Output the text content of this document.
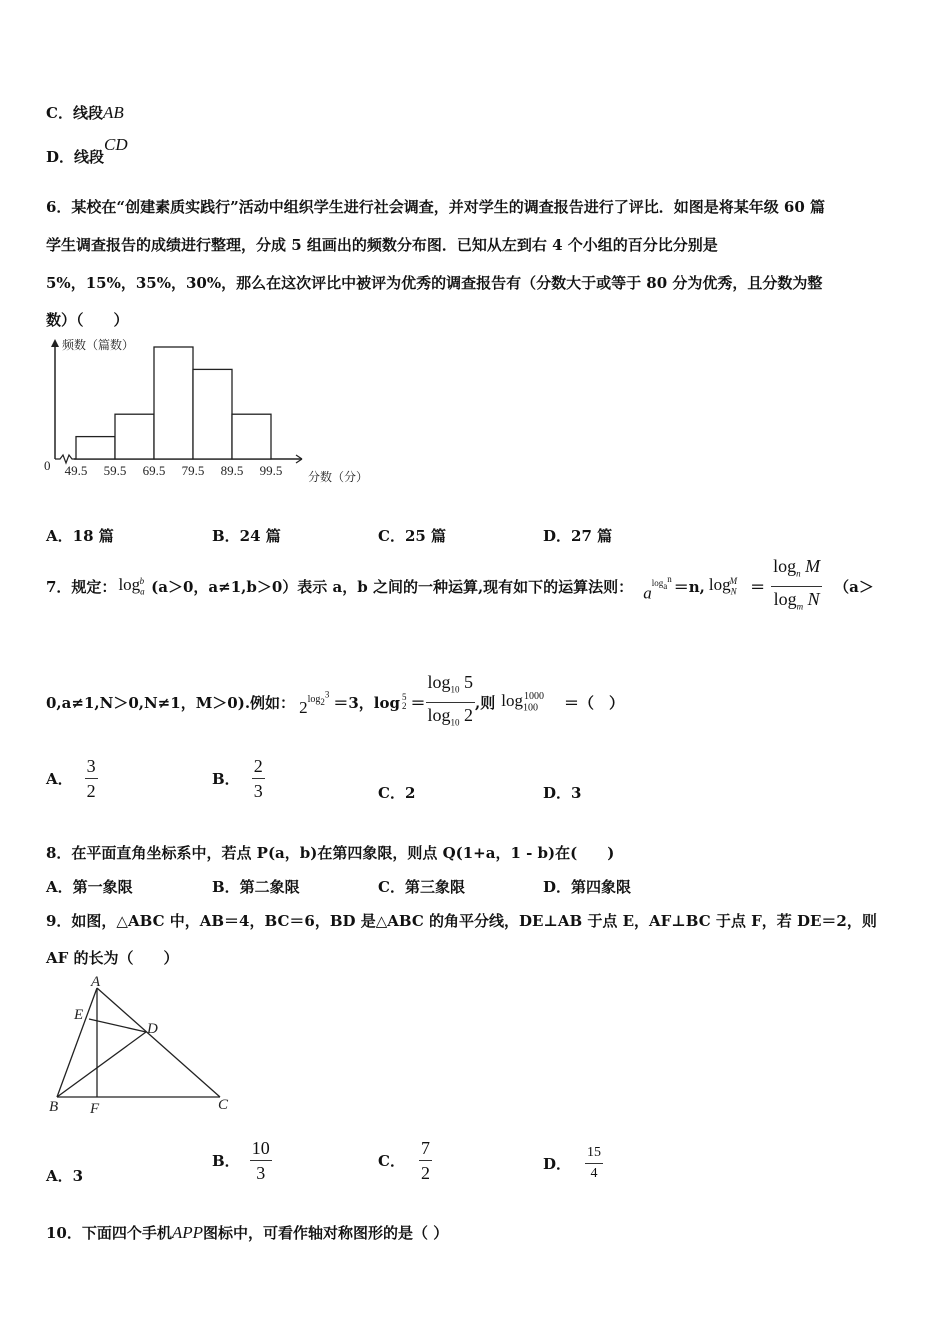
C．线段AB
D．线段CD
6．某校在“创建素质实践行”活动中组织学生进行社会调查，并对学生的调查报告进行了评比．如图是将某年级 60 篇
学生调查报告的成绩进行整理，分成 5 组画出的频数分布图．已知从左到右 4 个小组的百分比分别是
5%，15%，35%，30%，那么在这次评比中被评为优秀的调查报告有（分数大于或等于 80 分为优秀，且分数为整
数）（　　）
频数（篇数）
分数（分）
0 49.5 59.5 69.5 79.5 89.5 99.5
A．18 篇	B．24 篇	C．25 篇	D．27 篇
7．规定： $\log_a^b (a>0$，a≠1,b＞0）表示 a，b 之间的一种运算,现有如下的运算法则： $a^{log_a^n} =n$, $\log_N^M = \frac{\log_n M}{\log_m N} (a>$
0,a≠1,N＞0,N≠1，M＞0).例如： $2^{log_2^3} =3$，log 5
$2 = \frac{\log_{10} 5}{\log_{10} 2}$ ,则 $\log_{100}^{1000}$	＝（　）
A． $\frac{3}{2}$	B． $\frac{2}{3}$	C．2	D．3
8．在平面直角坐标系中，若点 P(a，b)在第四象限，则点 Q(1+a，1 - b)在(　　)
A．第一象限	B．第二象限	C．第三象限	D．第四象限
9．如图，△ABC 中，AB＝4，BC＝6，BD 是△ABC 的角平分线，DE⊥AB 于点 E，AF⊥BC 于点 F，若 DE＝2，则
AF 的长为（　　）
A
E
D
B F	C
A．3
B． $\frac{10}{3}$	C． $\frac{7}{2}$	D． $\frac{15}{4}$
10．下面四个手机APP图标中，可看作轴对称图形的是（ ）
